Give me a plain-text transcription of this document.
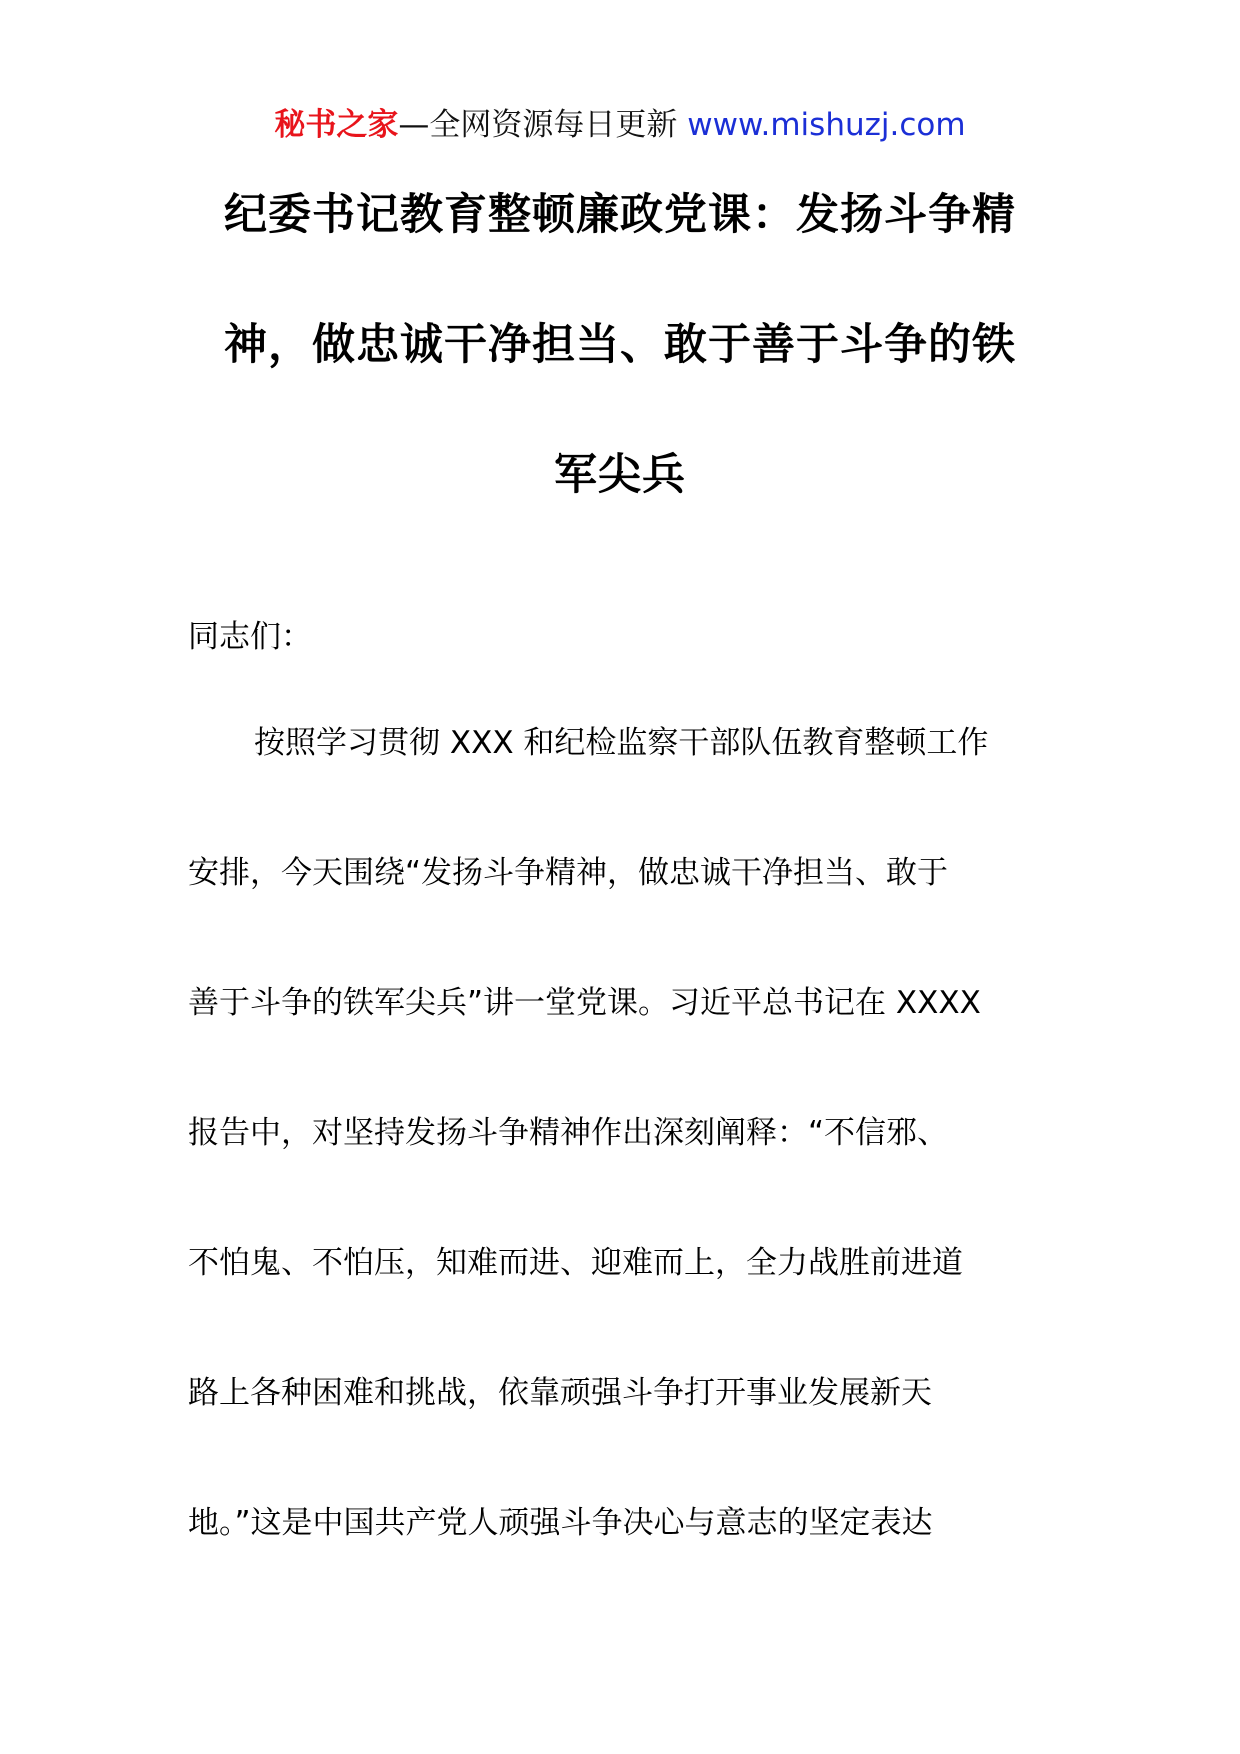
秘书之家—全网资源每日更新 www.mishuzj.com
纪委书记教育整顿廉政党课：发扬斗争精
神，做忠诚干净担当、敢于善于斗争的铁
军尖兵
同志们：
按照学习贯彻 XXX 和纪检监察干部队伍教育整顿工作
安排，今天围绕“发扬斗争精神，做忠诚干净担当、敢于
善于斗争的铁军尖兵”讲一堂党课。习近平总书记在 XXXX
报告中，对坚持发扬斗争精神作出深刻阐释：“不信邪、
不怕鬼、不怕压，知难而进、迎难而上，全力战胜前进道
路上各种困难和挑战，依靠顽强斗争打开事业发展新天
地。”这是中国共产党人顽强斗争决心与意志的坚定表达
